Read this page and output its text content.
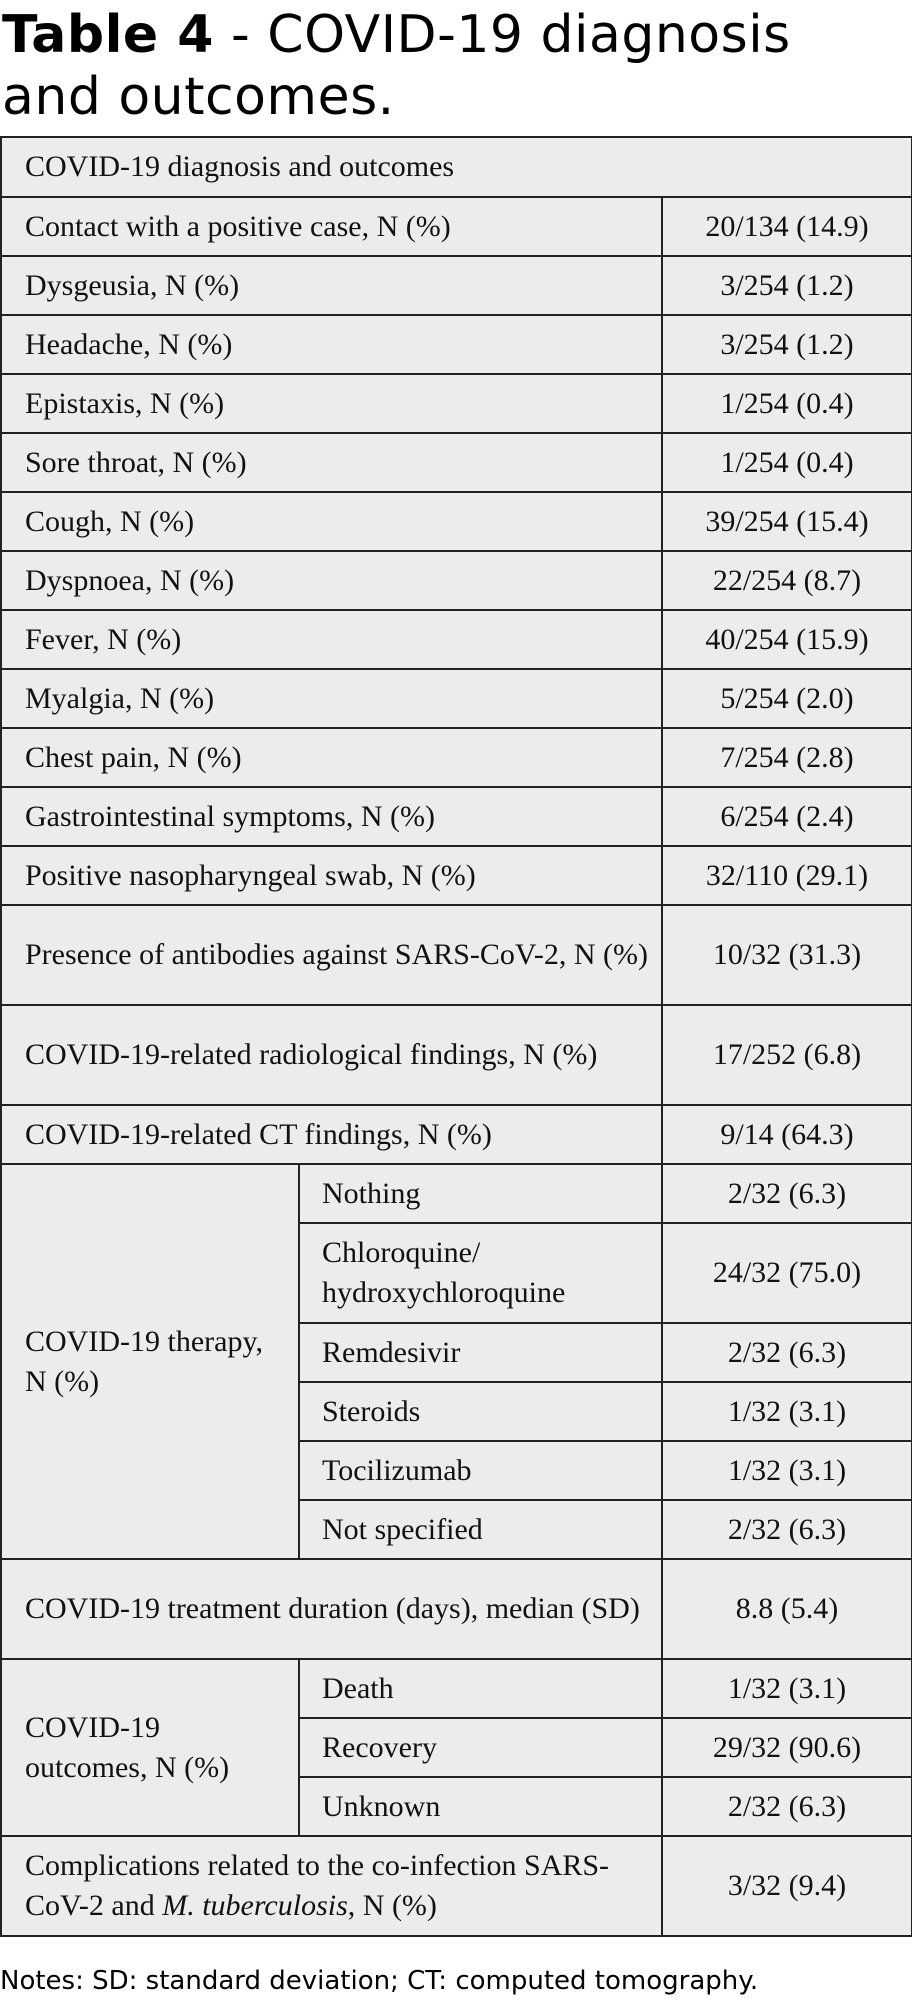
Table 4 - COVID-19 diagnosis and outcomes.
COVID-19 diagnosis and outcomes		
Contact with a positive case, N (%)		20/134 (14.9)
Dysgeusia, N (%)		3/254 (1.2)
Headache, N (%)		3/254 (1.2)
Epistaxis, N (%)		1/254 (0.4)
Sore throat, N (%)		1/254 (0.4)
Cough, N (%)		39/254 (15.4)
Dyspnoea, N (%)		22/254 (8.7)
Fever, N (%)		40/254 (15.9)
Myalgia, N (%)		5/254 (2.0)
Chest pain, N (%)		7/254 (2.8)
Gastrointestinal symptoms, N (%)		6/254 (2.4)
Positive nasopharyngeal swab, N (%)		32/110 (29.1)
Presence of antibodies against SARS-CoV-2, N (%)		10/32 (31.3)
COVID-19-related radiological findings, N (%)		17/252 (6.8)
COVID-19-related CT findings, N (%)		9/14 (64.3)
COVID-19 therapy, N (%)	Nothing	2/32 (6.3)
	Chloroquine/ hydroxychloroquine	24/32 (75.0)
	Remdesivir	2/32 (6.3)
	Steroids	1/32 (3.1)
	Tocilizumab	1/32 (3.1)
	Not specified	2/32 (6.3)
COVID-19 treatment duration (days), median (SD)		8.8 (5.4)
COVID-19 outcomes, N (%)	Death	1/32 (3.1)
	Recovery	29/32 (90.6)
	Unknown	2/32 (6.3)
Complications related to the co-infection SARS-CoV-2 and M. tuberculosis, N (%)		3/32 (9.4)
Notes: SD: standard deviation; CT: computed tomography.
